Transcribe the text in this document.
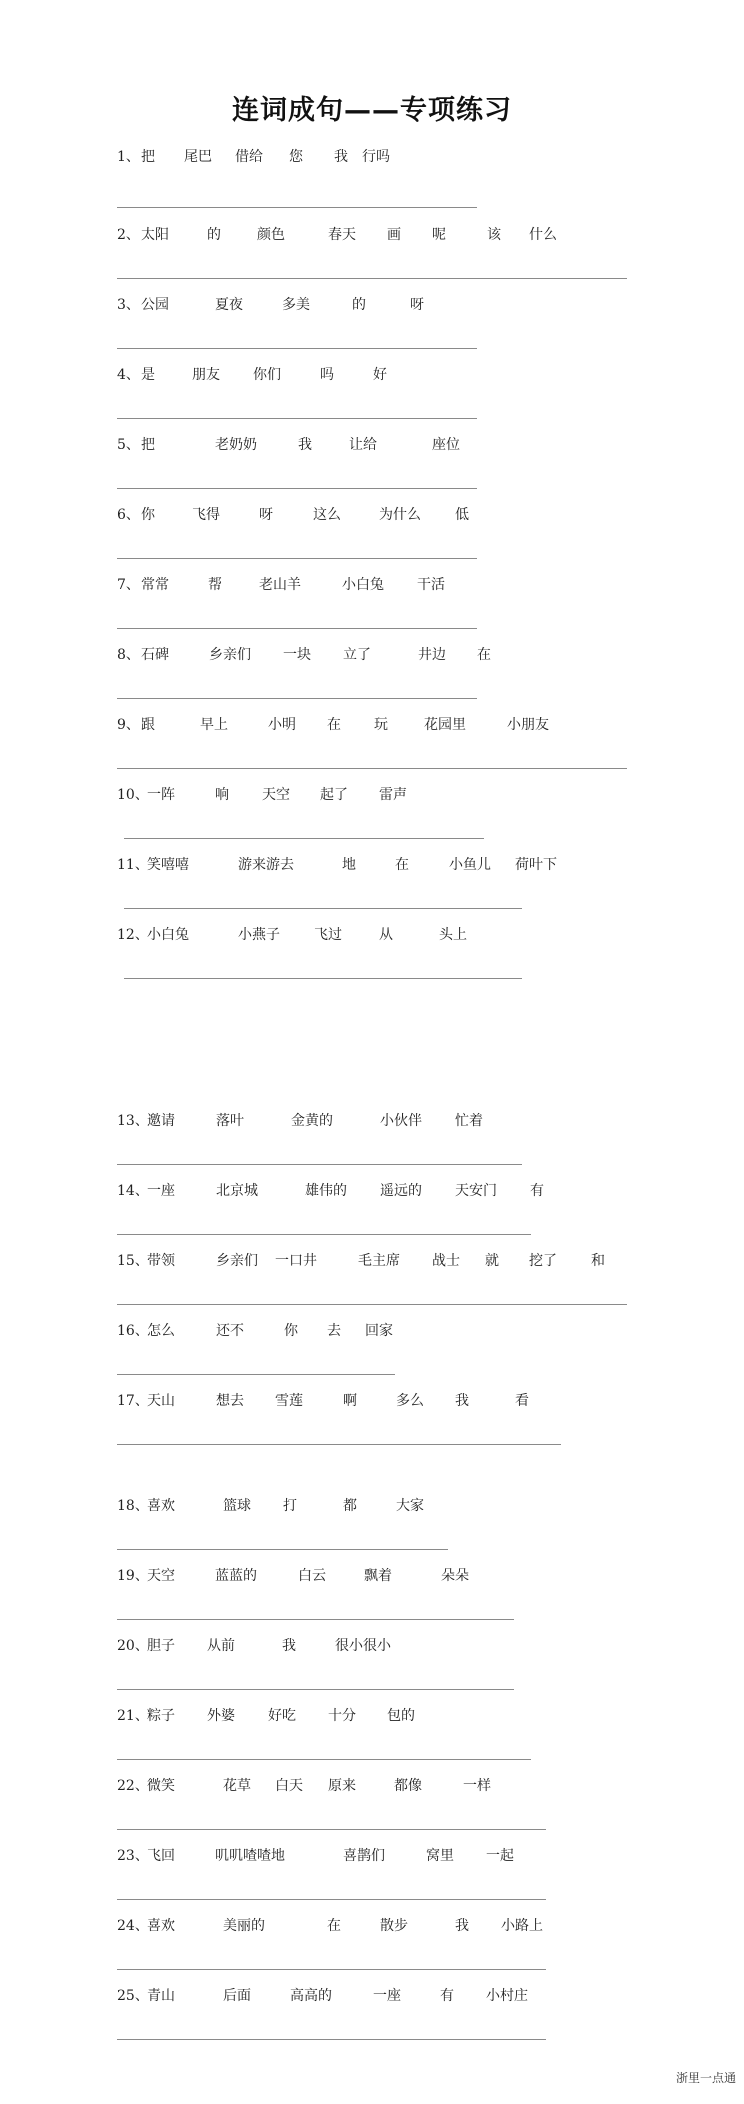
连词成句——专项练习
1、 把 尾巴 借给 您 我 行吗
2、 太阳	的	颜色	春天 画 呢	该 什么
3、 公园	夏夜	多美	的	呀
4、 是	朋友 你们	吗	好
5、 把	老奶奶	我	让给	座位
6、 你	飞得	呀	这么	为什么 低
7、 常常	帮	老山羊	小白兔 干活
8、 石碑	乡亲们 一块 立了	井边 在
9、 跟	早上	小明 在 玩	花园里	小朋友
10、
一阵	响 天空 起了 雷声
11、
笑嘻嘻	游来游去	地	在	小鱼儿 荷叶下
12、
小白兔	小燕子 飞过	从	头上
13、
邀请	落叶	金黄的	小伙伴 忙着
14、
一座	北京城	雄伟的 遥远的 天安门 有
15、
带领	乡亲们 一口井	毛主席 战士 就 挖了 和
16、
怎么	还不	你 去 回家
17、
天山	想去 雪莲	啊	多么 我	看
18、
喜欢	篮球 打	都	大家
19、
天空	蓝蓝的	白云	飘着	朵朵
20、
胆子 从前	我	很小很小
21、
粽子 外婆 好吃 十分 包的
22、
微笑	花草 白天 原来	都像	一样
23、
飞回	叽叽喳喳地	喜鹊们	窝里 一起
24、
喜欢	美丽的	在	散步	我 小路上
25、
青山	后面	高高的	一座	有 小村庄
浙里一点通
